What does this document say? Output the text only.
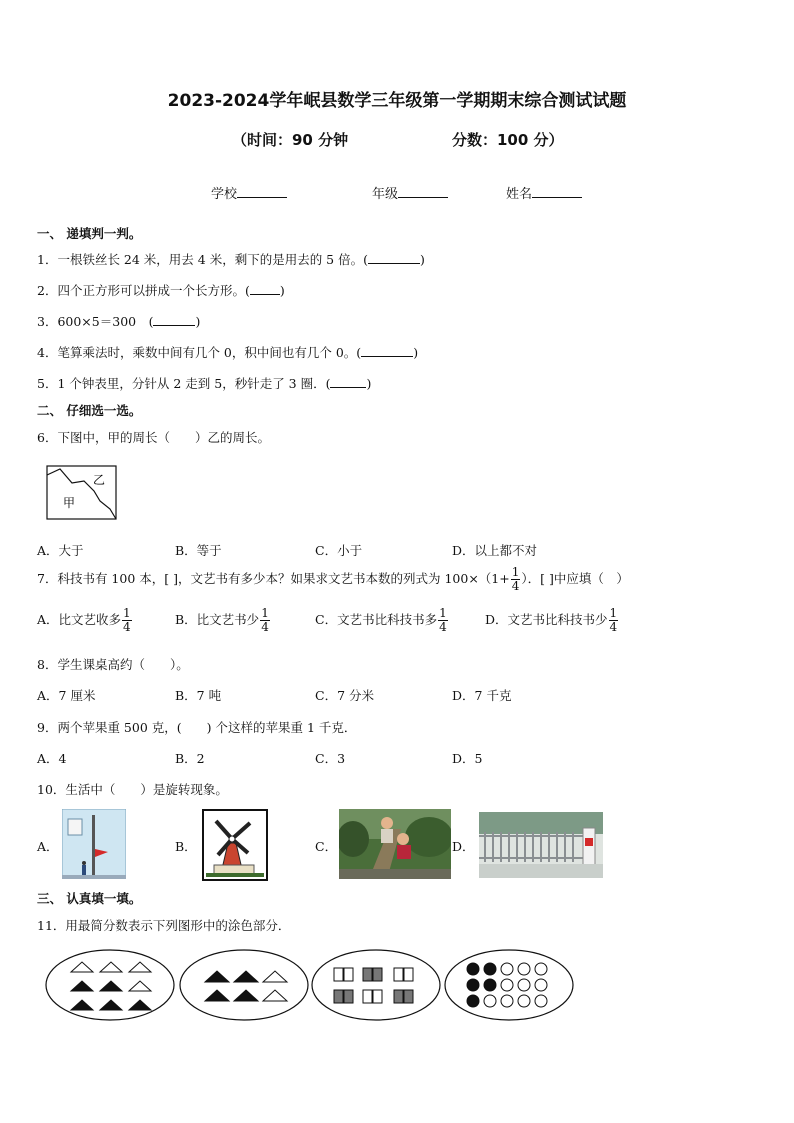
2023-2024学年岷县数学三年级第一学期期末综合测试试题
（时间：90 分钟	分数：100 分）
学校	年级	姓名
一、 递填判一判。
1．一根铁丝长 24 米，用去 4 米，剩下的是用去的 5 倍。(	)
2．四个正方形可以拼成一个长方形。( )
3．600×5＝300　(	)
4．笔算乘法时，乘数中间有几个 0，积中间也有几个 0。(	)
5．1 个钟表里，分针从 2 走到 5，秒针走了 3 圈．(	)
二、 仔细选一选。
6．下图中，甲的周长（　　）乙的周长。
甲
乙
A．大于	B．等于	C．小于	D．以上都不对
7．科技书有 100 本，[ ]，文艺书有多少本？如果求文艺书本数的列式为 $100\times(1+ \frac{1}{4}$ ）．[ ]中应填（　）
A．比文艺收多 $\frac{1}{4}$	B．比文艺书少 $\frac{1}{4}$	C．文艺书比科技书多 $\frac{1}{4}$	D．文艺书比科技书少 $\frac{1}{4}$
8．学生课桌高约（　　）。
A．7 厘米	B．7 吨	C．7 分米	D．7 千克
9．两个苹果重 500 克，(　　) 个这样的苹果重 1 千克．
A．4	B．2	C．3	D．5
10．生活中（　　）是旋转现象。
A．	B．	C．	D．
三、 认真填一填。
11．用最简分数表示下列图形中的涂色部分．
